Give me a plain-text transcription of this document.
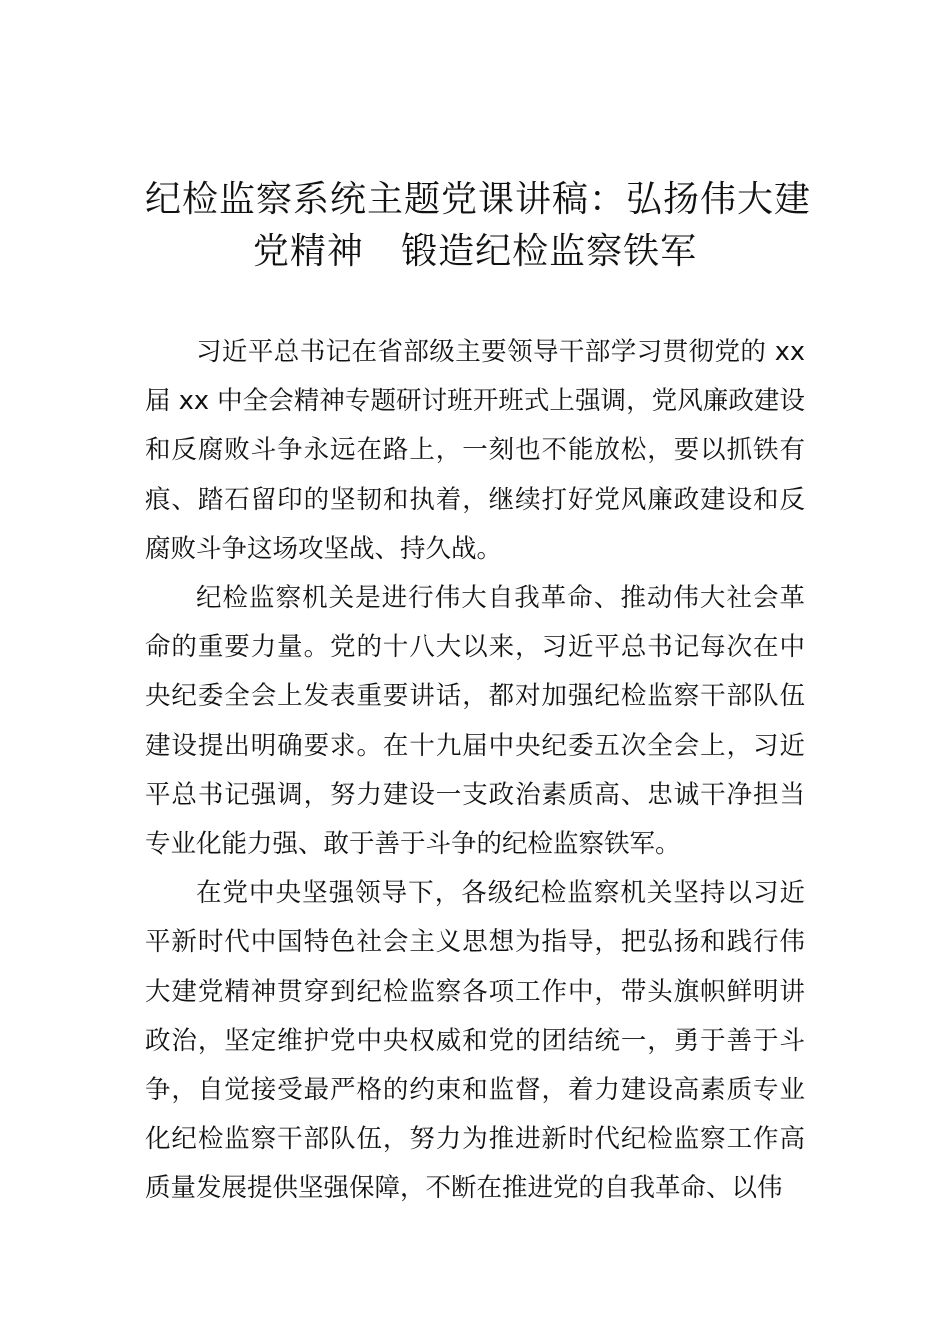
纪检监察系统主题党课讲稿：弘扬伟大建
党精神   锻造纪检监察铁军

习近平总书记在省部级主要领导干部学习贯彻党的 xx 届 xx 中全会精神专题研讨班开班式上强调，党风廉政建设和反腐败斗争永远在路上，一刻也不能放松，要以抓铁有痕、踏石留印的坚韧和执着，继续打好党风廉政建设和反腐败斗争这场攻坚战、持久战。

纪检监察机关是进行伟大自我革命、推动伟大社会革命的重要力量。党的十八大以来，习近平总书记每次在中央纪委全会上发表重要讲话，都对加强纪检监察干部队伍建设提出明确要求。在十九届中央纪委五次全会上，习近平总书记强调，努力建设一支政治素质高、忠诚干净担当专业化能力强、敢于善于斗争的纪检监察铁军。

在党中央坚强领导下，各级纪检监察机关坚持以习近平新时代中国特色社会主义思想为指导，把弘扬和践行伟大建党精神贯穿到纪检监察各项工作中，带头旗帜鲜明讲政治，坚定维护党中央权威和党的团结统一，勇于善于斗争，自觉接受最严格的约束和监督，着力建设高素质专业化纪检监察干部队伍，努力为推进新时代纪检监察工作高质量发展提供坚强保障，不断在推进党的自我革命、以伟
